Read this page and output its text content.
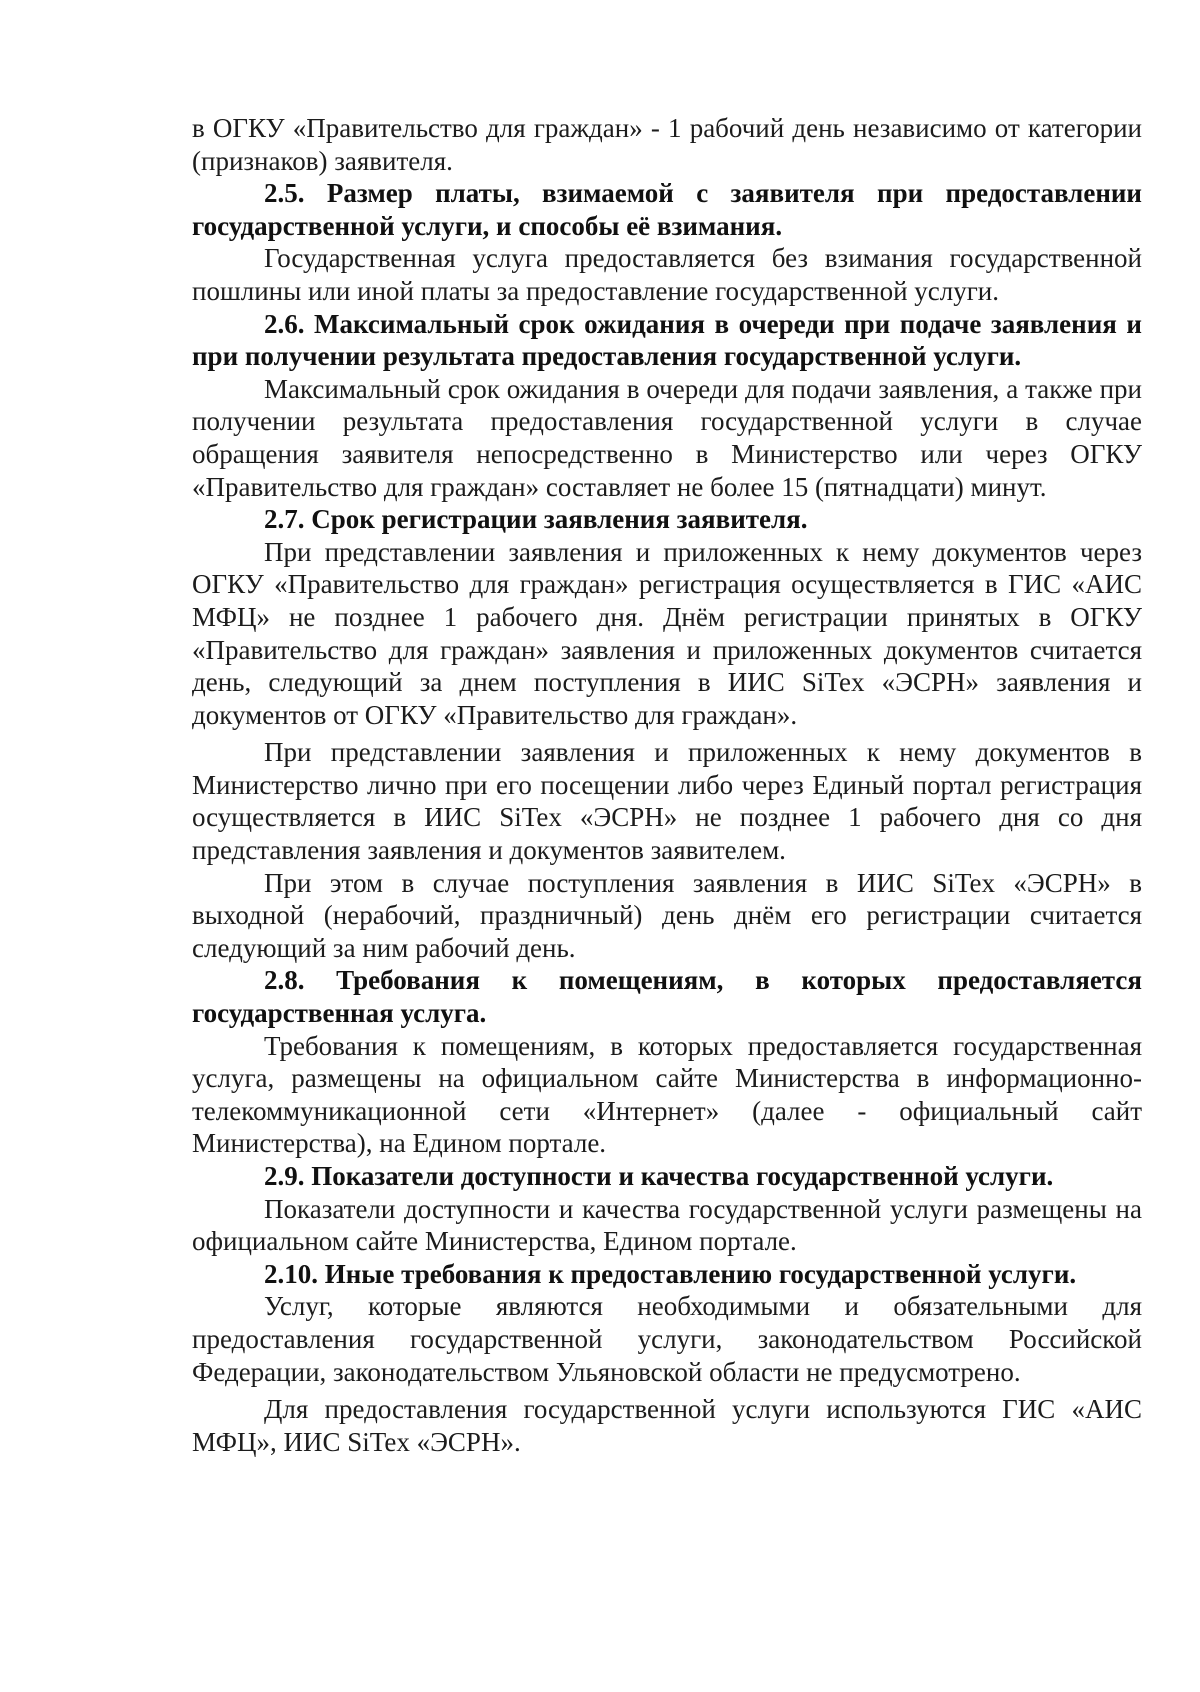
в ОГКУ «Правительство для граждан» - 1 рабочий день независимо от категории (признаков) заявителя.

2.5. Размер платы, взимаемой с заявителя при предоставлении государственной услуги, и способы её взимания.

Государственная услуга предоставляется без взимания государственной пошлины или иной платы за предоставление государственной услуги.

2.6. Максимальный срок ожидания в очереди при подаче заявления и при получении результата предоставления государственной услуги.

Максимальный срок ожидания в очереди для подачи заявления, а также при получении результата предоставления государственной услуги в случае обращения заявителя непосредственно в Министерство или через ОГКУ «Правительство для граждан» составляет не более 15 (пятнадцати) минут.

2.7. Срок регистрации заявления заявителя.

При представлении заявления и приложенных к нему документов через ОГКУ «Правительство для граждан» регистрация осуществляется в ГИС «АИС МФЦ» не позднее 1 рабочего дня. Днём регистрации принятых в ОГКУ «Правительство для граждан» заявления и приложенных документов считается день, следующий за днем поступления в ИИС SiTex «ЭСРН» заявления и документов от ОГКУ «Правительство для граждан».

При представлении заявления и приложенных к нему документов в Министерство лично при его посещении либо через Единый портал регистрация осуществляется в ИИС SiTex «ЭСРН» не позднее 1 рабочего дня со дня представления заявления и документов заявителем.

При этом в случае поступления заявления в ИИС SiTex «ЭСРН» в выходной (нерабочий, праздничный) день днём его регистрации считается следующий за ним рабочий день.

2.8. Требования к помещениям, в которых предоставляется государственная услуга.

Требования к помещениям, в которых предоставляется государственная услуга, размещены на официальном сайте Министерства в информационно-телекоммуникационной сети «Интернет» (далее - официальный сайт Министерства), на Едином портале.

2.9. Показатели доступности и качества государственной услуги.

Показатели доступности и качества государственной услуги размещены на официальном сайте Министерства, Едином портале.

2.10. Иные требования к предоставлению государственной услуги.

Услуг, которые являются необходимыми и обязательными для предоставления государственной услуги, законодательством Российской Федерации, законодательством Ульяновской области не предусмотрено.

Для предоставления государственной услуги используются ГИС «АИС МФЦ», ИИС SiTex «ЭСРН».
